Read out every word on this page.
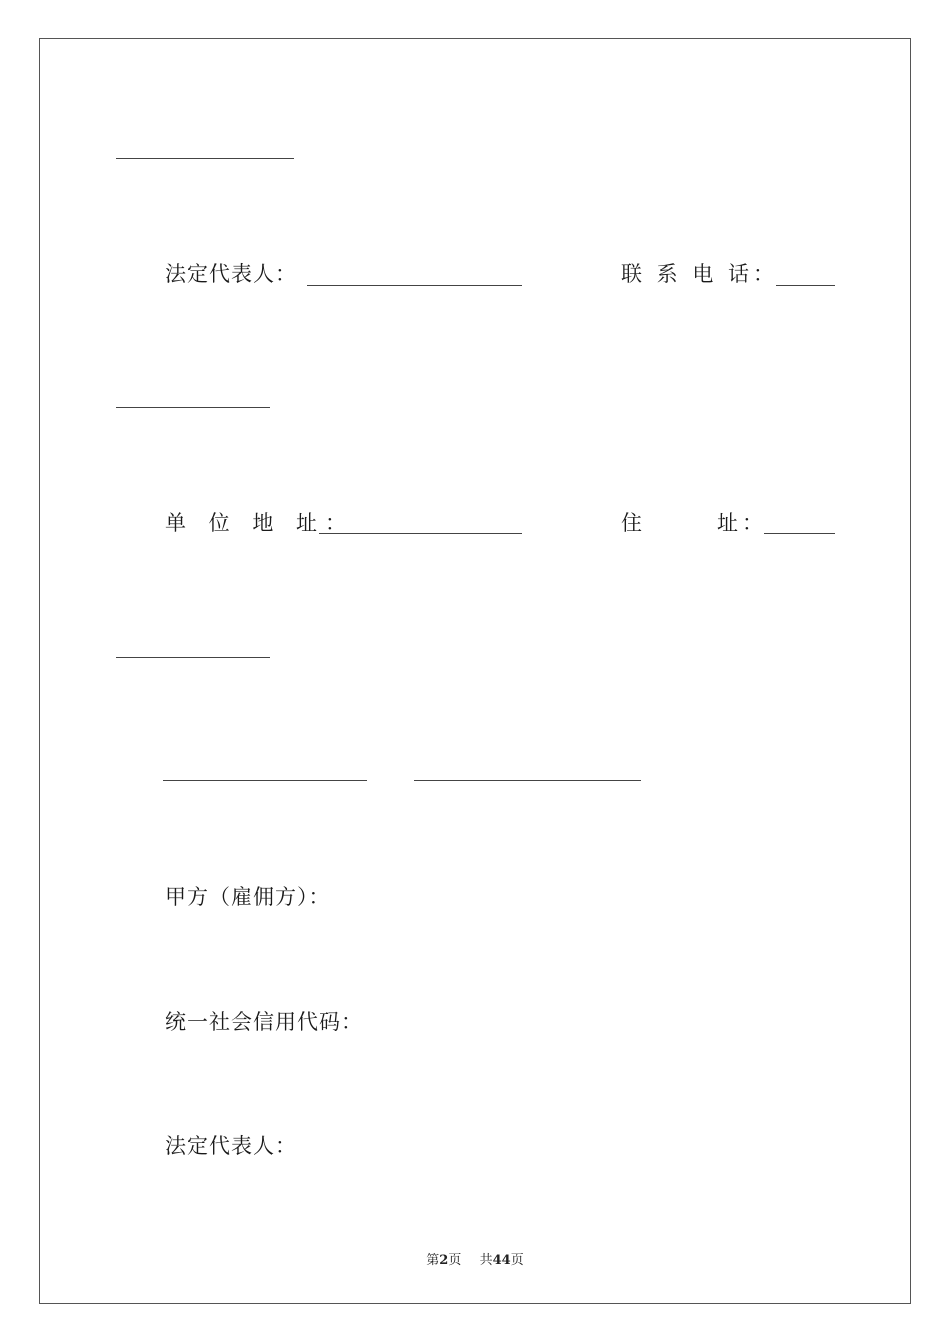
法定代表人：	联 系 电 话：
单 位 地 址：	住	址：
甲方（雇佣方）：
统一社会信用代码：
法定代表人：
第2页 共44页
